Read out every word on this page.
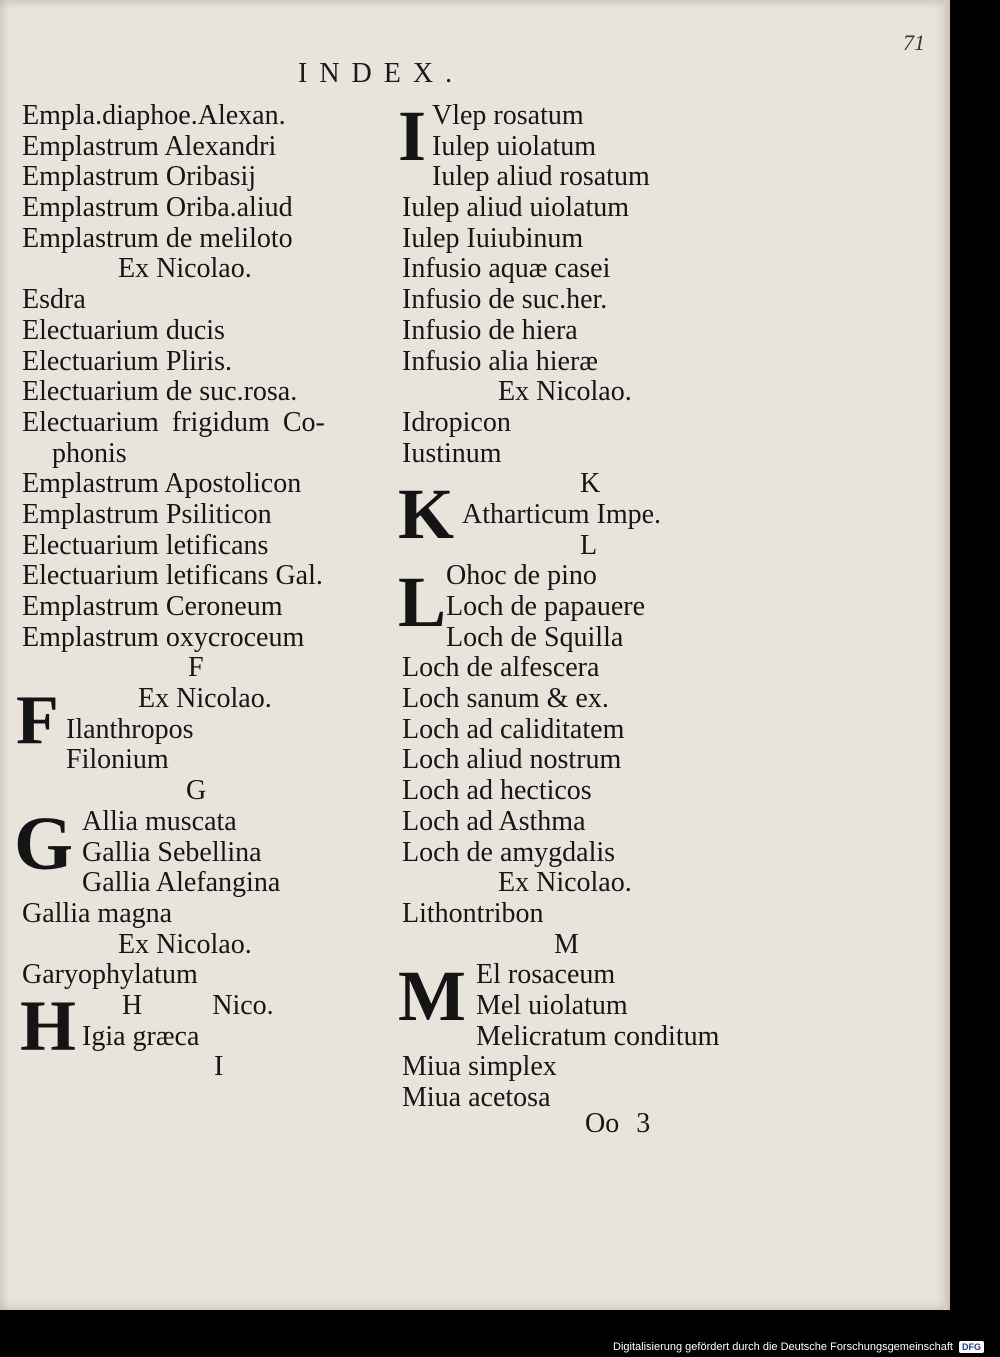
71
INDEX.
Empla.diaphoe.Alexan.
Emplastrum Alexandri
Emplastrum Oribasij
Emplastrum Oriba.aliud
Emplastrum de meliloto
Ex Nicolao.
Esdra
Electuarium ducis
Electuarium Pliris.
Electuarium de suc.rosa.
Electuarium frigidum Co-
phonis
Emplastrum Apostolicon
Emplastrum Psiliticon
Electuarium letificans
Electuarium letificans Gal.
Emplastrum Ceroneum
Emplastrum oxycroceum
F
Ex Nicolao.
Ilanthropos
Filonium
G
Allia muscata
Gallia Sebellina
Gallia Alefangina
Gallia magna
Ex Nicolao.
Garyophylatum
H          Nico.
Igia græca
I
F
G
H
Vlep rosatum
Iulep uiolatum
Iulep aliud rosatum
Iulep aliud uiolatum
Iulep Iuiubinum
Infusio aquæ casei
Infusio de suc.her.
Infusio de hiera
Infusio alia hieræ
Ex Nicolao.
Idropicon
Iustinum
K
Atharticum Impe.
L
Ohoc de pino
Loch de papauere
Loch de Squilla
Loch de alfescera
Loch sanum & ex.
Loch ad caliditatem
Loch aliud nostrum
Loch ad hecticos
Loch ad Asthma
Loch de amygdalis
Ex Nicolao.
Lithontribon
M
El rosaceum
Mel uiolatum
Melicratum conditum
Miua simplex
Miua acetosa
I
K
L
M
Oo 3
Digitalisierung gefördert durch die Deutsche Forschungsgemeinschaft	DFG
